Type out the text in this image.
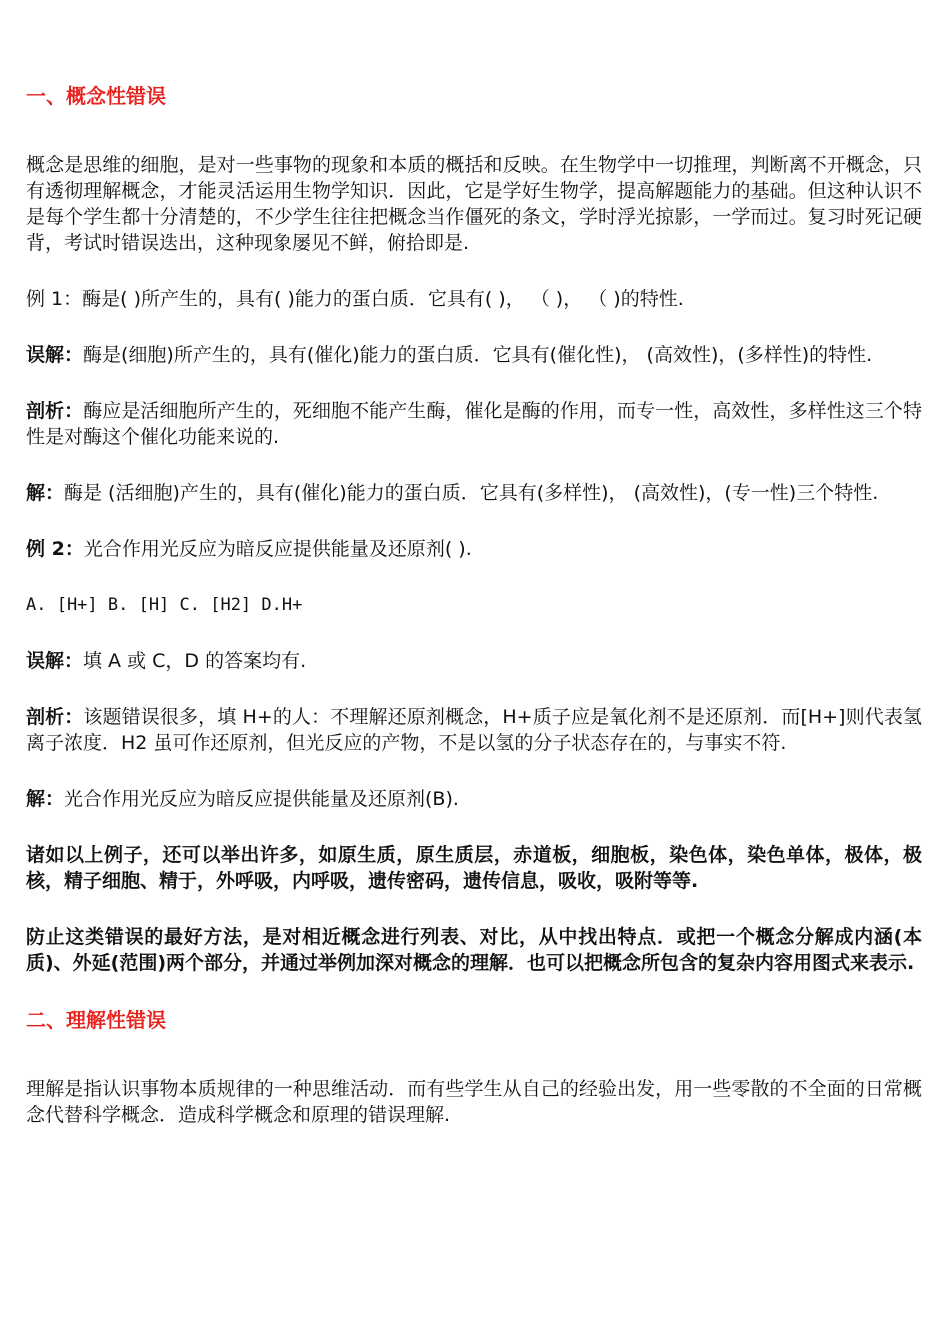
一、概念性错误

概念是思维的细胞，是对一些事物的现象和本质的概括和反映。在生物学中一切推理，判断离不开概念，只有透彻理解概念，才能灵活运用生物学知识．因此，它是学好生物学，提高解题能力的基础。但这种认识不是每个学生都十分清楚的，不少学生往往把概念当作僵死的条文，学时浮光掠影，一学而过。复习时死记硬背，考试时错误迭出，这种现象屡见不鲜，俯拾即是.

例 1：酶是( )所产生的，具有( )能力的蛋白质．它具有( )， （ )， （ )的特性.

误解：酶是(细胞)所产生的，具有(催化)能力的蛋白质．它具有(催化性)， (高效性)，(多样性)的特性.

剖析：酶应是活细胞所产生的，死细胞不能产生酶，催化是酶的作用，而专一性，高效性，多样性这三个特性是对酶这个催化功能来说的.

解：酶是 (活细胞)产生的，具有(催化)能力的蛋白质．它具有(多样性)， (高效性)，(专一性)三个特性.

例 2：光合作用光反应为暗反应提供能量及还原剂( ).

A. [H+] B. [H] C. [H2] D.H+

误解：填 A 或 C，D 的答案均有.

剖析：该题错误很多，填 H+的人：不理解还原剂概念，H+质子应是氧化剂不是还原剂．而[H+]则代表氢离子浓度．H2 虽可作还原剂，但光反应的产物，不是以氢的分子状态存在的，与事实不符.

解：光合作用光反应为暗反应提供能量及还原剂(B).

诸如以上例子，还可以举出许多，如原生质，原生质层，赤道板，细胞板，染色体，染色单体，极体，极核，精子细胞、精于，外呼吸，内呼吸，遗传密码，遗传信息，吸收，吸附等等.

防止这类错误的最好方法，是对相近概念进行列表、对比，从中找出特点．或把一个概念分解成内涵(本质)、外延(范围)两个部分，并通过举例加深对概念的理解．也可以把概念所包含的复杂内容用图式来表示.

二、理解性错误

理解是指认识事物本质规律的一种思维活动．而有些学生从自己的经验出发，用一些零散的不全面的日常概念代替科学概念．造成科学概念和原理的错误理解.
